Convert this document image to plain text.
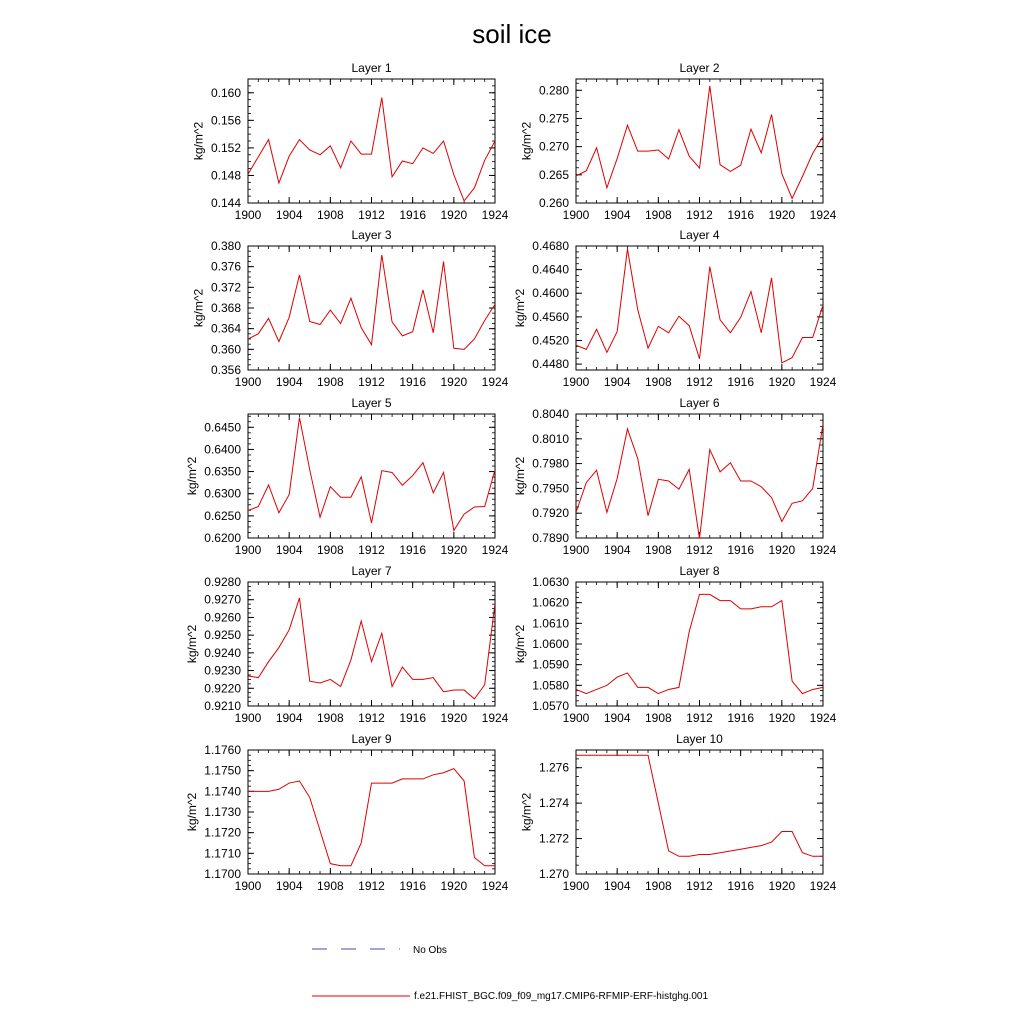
soil ice
Layer 1
1900 1904 1908 1912 1916 1920 1924
0.144
0.148
0.152
0.156
0.160
kg/m^2
Layer 2
1900 1904 1908 1912 1916 1920 1924
0.260
0.265
0.270
0.275
0.280
kg/m^2
Layer 3
1900 1904 1908 1912 1916 1920 1924
0.356
0.360
0.364
0.368
0.372
0.376
0.380
kg/m^2
Layer 4
1900 1904 1908 1912 1916 1920 1924
0.4480
0.4520
0.4560
0.4600
0.4640
0.4680
kg/m^2
Layer 5
1900 1904 1908 1912 1916 1920 1924
0.6200
0.6250
0.6300
0.6350
0.6400
0.6450
kg/m^2
Layer 6
1900 1904 1908 1912 1916 1920 1924
0.7890
0.7920
0.7950
0.7980
0.8010
0.8040
kg/m^2
Layer 7
1900 1904 1908 1912 1916 1920 1924
0.9210
0.9220
0.9230
0.9240
0.9250
0.9260
0.9270
0.9280
kg/m^2
Layer 8
1900 1904 1908 1912 1916 1920 1924
1.0570
1.0580
1.0590
1.0600
1.0610
1.0620
1.0630
kg/m^2
Layer 9
1900 1904 1908 1912 1916 1920 1924
1.1700
1.1710
1.1720
1.1730
1.1740
1.1750
1.1760
kg/m^2
Layer 10
1900 1904 1908 1912 1916 1920 1924
1.270
1.272
1.274
1.276
kg/m^2
No Obs
f.e21.FHIST_BGC.f09_f09_mg17.CMIP6-RFMIP-ERF-histghg.001
